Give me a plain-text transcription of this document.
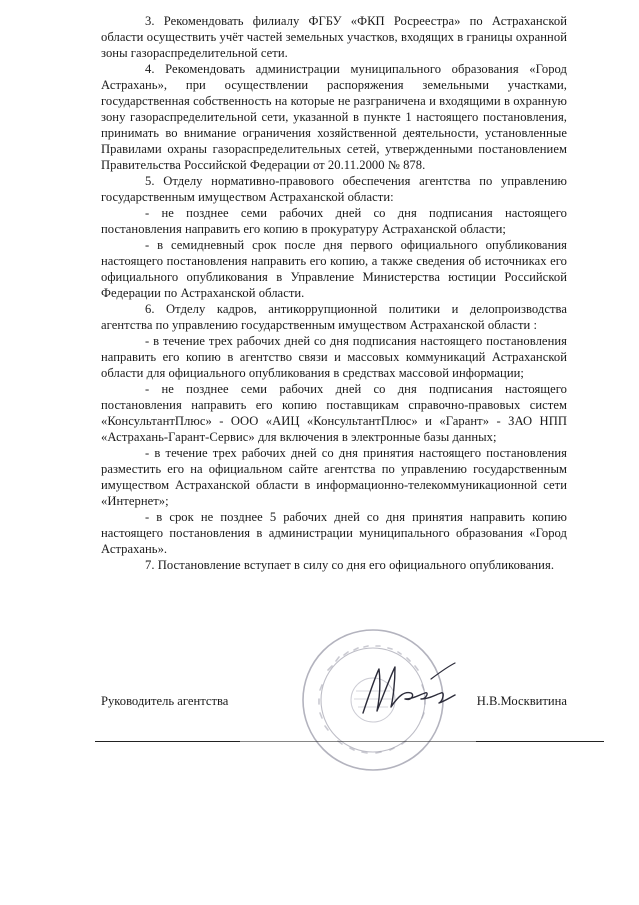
3. Рекомендовать филиалу ФГБУ «ФКП Росреестра» по Астраханской области осуществить учёт частей земельных участков, входящих в границы охранной зоны газораспределительной сети.

4. Рекомендовать администрации муниципального образования «Город Астрахань», при осуществлении распоряжения земельными участками, государственная собственность на которые не разграничена и входящими в охранную зону газораспределительной сети, указанной в пункте 1 настоящего постановления, принимать во внимание ограничения хозяйственной деятельности, установленные Правилами охраны газораспределительных сетей, утвержденными постановлением Правительства Российской Федерации от 20.11.2000 № 878.

5. Отделу нормативно-правового обеспечения агентства по управлению государственным имуществом Астраханской области:

- не позднее семи рабочих дней со дня подписания настоящего постановления направить его копию в прокуратуру Астраханской области;

- в семидневный срок после дня первого официального опубликования настоящего постановления направить его копию, а также сведения об источниках его официального опубликования в Управление Министерства юстиции Российской Федерации по Астраханской области.

6. Отделу кадров, антикоррупционной политики и делопроизводства агентства по управлению государственным имуществом Астраханской области :

- в течение трех рабочих дней со дня подписания настоящего постановления направить его копию в агентство связи и массовых коммуникаций Астраханской области для официального опубликования в средствах массовой информации;

- не позднее семи рабочих дней со дня подписания настоящего постановления направить его копию поставщикам справочно-правовых систем «КонсультантПлюс» - ООО «АИЦ «КонсультантПлюс» и «Гарант» - ЗАО НПП «Астрахань-Гарант-Сервис» для включения в электронные базы данных;

- в течение трех рабочих дней со дня принятия настоящего постановления разместить его на официальном сайте агентства по управлению государственным имуществом Астраханской области в информационно-телекоммуникационной сети «Интернет»;

- в срок не позднее 5 рабочих дней со дня принятия направить копию настоящего постановления в администрации муниципального образования «Город Астрахань».

7. Постановление вступает в силу со дня его официального опубликования.

Руководитель агентства	Н.В.Москвитина
